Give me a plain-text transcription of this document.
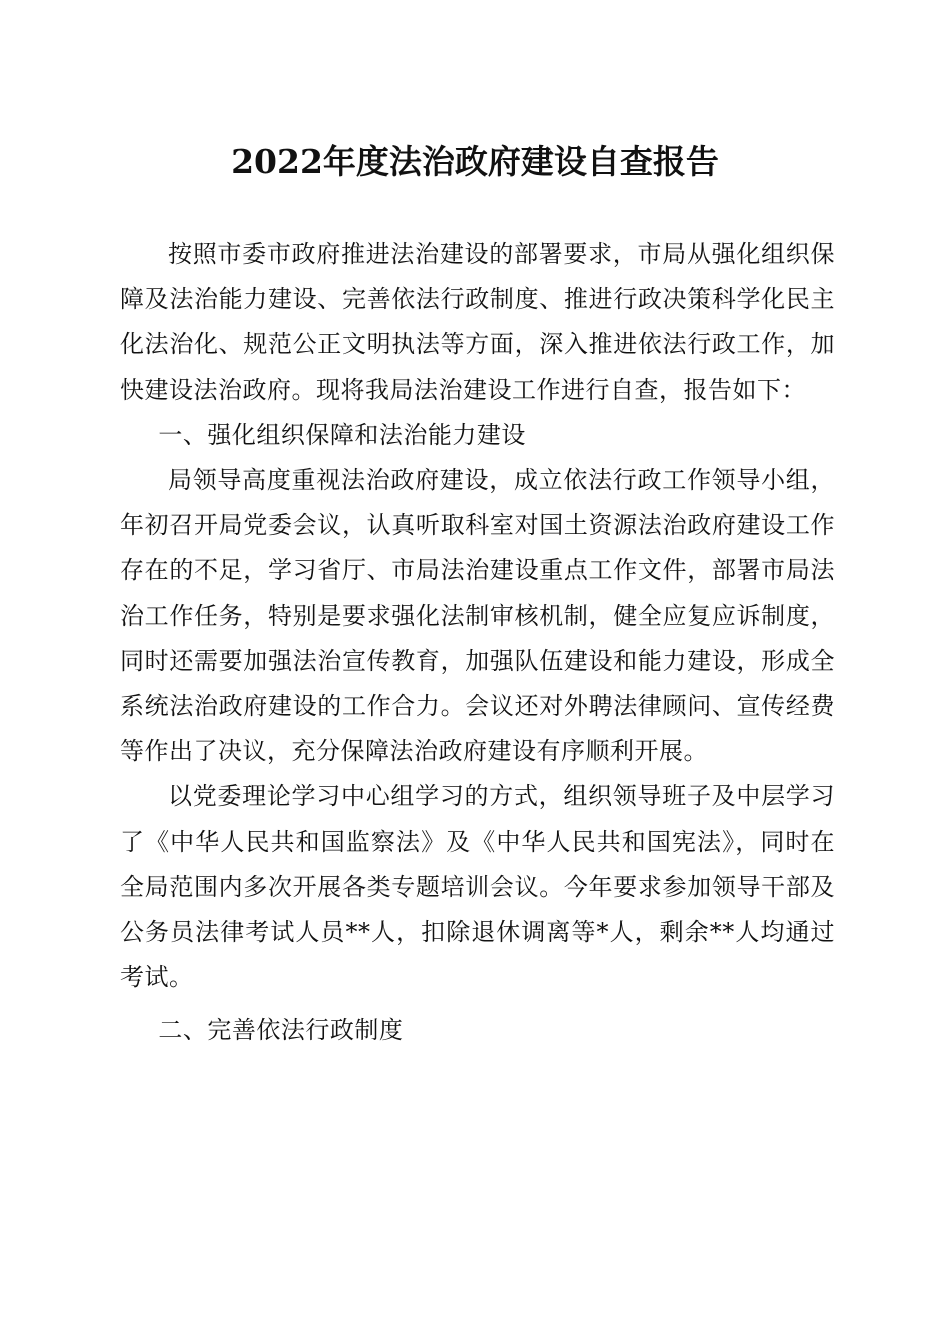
2022年度法治政府建设自查报告

按照市委市政府推进法治建设的部署要求，市局从强化组织保障及法治能力建设、完善依法行政制度、推进行政决策科学化民主化法治化、规范公正文明执法等方面，深入推进依法行政工作，加快建设法治政府。现将我局法治建设工作进行自查，报告如下：

一、强化组织保障和法治能力建设

局领导高度重视法治政府建设，成立依法行政工作领导小组，年初召开局党委会议，认真听取科室对国土资源法治政府建设工作存在的不足，学习省厅、市局法治建设重点工作文件，部署市局法治工作任务，特别是要求强化法制审核机制，健全应复应诉制度，同时还需要加强法治宣传教育，加强队伍建设和能力建设，形成全系统法治政府建设的工作合力。会议还对外聘法律顾问、宣传经费等作出了决议，充分保障法治政府建设有序顺利开展。

以党委理论学习中心组学习的方式，组织领导班子及中层学习了《中华人民共和国监察法》及《中华人民共和国宪法》，同时在全局范围内多次开展各类专题培训会议。今年要求参加领导干部及公务员法律考试人员**人，扣除退休调离等*人，剩余**人均通过考试。

二、完善依法行政制度
